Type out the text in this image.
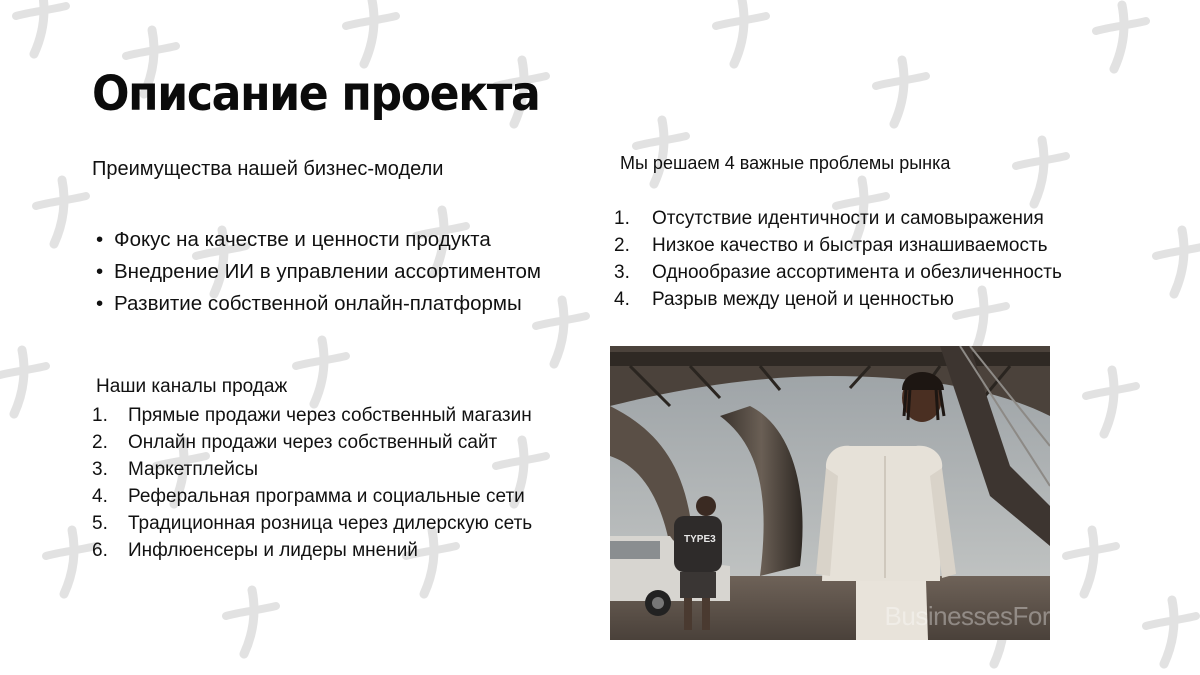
Описание проекта
Преимущества нашей бизнес-модели
• Фокус на качестве и ценности продукта
• Внедрение ИИ в управлении ассортиментом
• Развитие собственной онлайн-платформы
Наши каналы продаж
1.	Прямые продажи через собственный магазин
2.	Онлайн продажи через собственный сайт
3.	Маркетплейсы
4.	Реферальная программа и социальные сети
5.	Традиционная розница через дилерскую сеть
6.	Инфлюенсеры и лидеры мнений
Мы решаем 4 важные проблемы рынка
1.	Отсутствие идентичности и самовыражения
2.	Низкое качество и быстрая изнашиваемость
3.	Однообразие ассортимента и обезличенность
4.	Разрыв между ценой и ценностью
TYPE3
BusinessesFor
